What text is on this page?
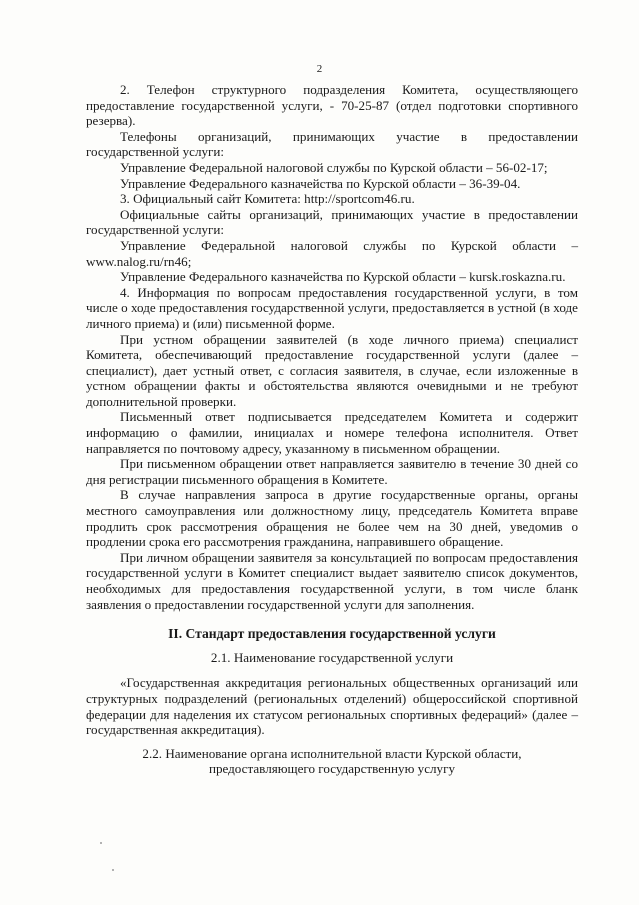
2

2. Телефон структурного подразделения Комитета, осуществляющего предоставление государственной услуги, - 70-25-87 (отдел подготовки спортивного резерва).

Телефоны организаций, принимающих участие в предоставлении государственной услуги:

Управление Федеральной налоговой службы по Курской области – 56-02-17;

Управление Федерального казначейства по Курской области – 36-39-04.

3. Официальный сайт Комитета: http://sportcom46.ru.

Официальные сайты организаций, принимающих участие в предоставлении государственной услуги:

Управление Федеральной налоговой службы по Курской области – www.nalog.ru/rn46;

Управление Федерального казначейства по Курской области – kursk.roskazna.ru.

4. Информация по вопросам предоставления государственной услуги, в том числе о ходе предоставления государственной услуги, предоставляется в устной (в ходе личного приема) и (или) письменной форме.

При устном обращении заявителей (в ходе личного приема) специалист Комитета, обеспечивающий предоставление государственной услуги (далее – специалист), дает устный ответ, с согласия заявителя, в случае, если изложенные в устном обращении факты и обстоятельства являются очевидными и не требуют дополнительной проверки.

Письменный ответ подписывается председателем Комитета и содержит информацию о фамилии, инициалах и номере телефона исполнителя. Ответ направляется по почтовому адресу, указанному в письменном обращении.

При письменном обращении ответ направляется заявителю в течение 30 дней со дня регистрации письменного обращения в Комитете.

В случае направления запроса в другие государственные органы, органы местного самоуправления или должностному лицу, председатель Комитета вправе продлить срок рассмотрения обращения не более чем на 30 дней, уведомив о продлении срока его рассмотрения гражданина, направившего обращение.

При личном обращении заявителя за консультацией по вопросам предоставления государственной услуги в Комитет специалист выдает заявителю список документов, необходимых для предоставления государственной услуги, в том числе бланк заявления о предоставлении государственной услуги для заполнения.

II. Стандарт предоставления государственной услуги

2.1. Наименование государственной услуги

«Государственная аккредитация региональных общественных организаций или структурных подразделений (региональных отделений) общероссийской спортивной федерации для наделения их статусом региональных спортивных федераций» (далее – государственная аккредитация).

2.2. Наименование органа исполнительной власти Курской области,

предоставляющего государственную услугу
